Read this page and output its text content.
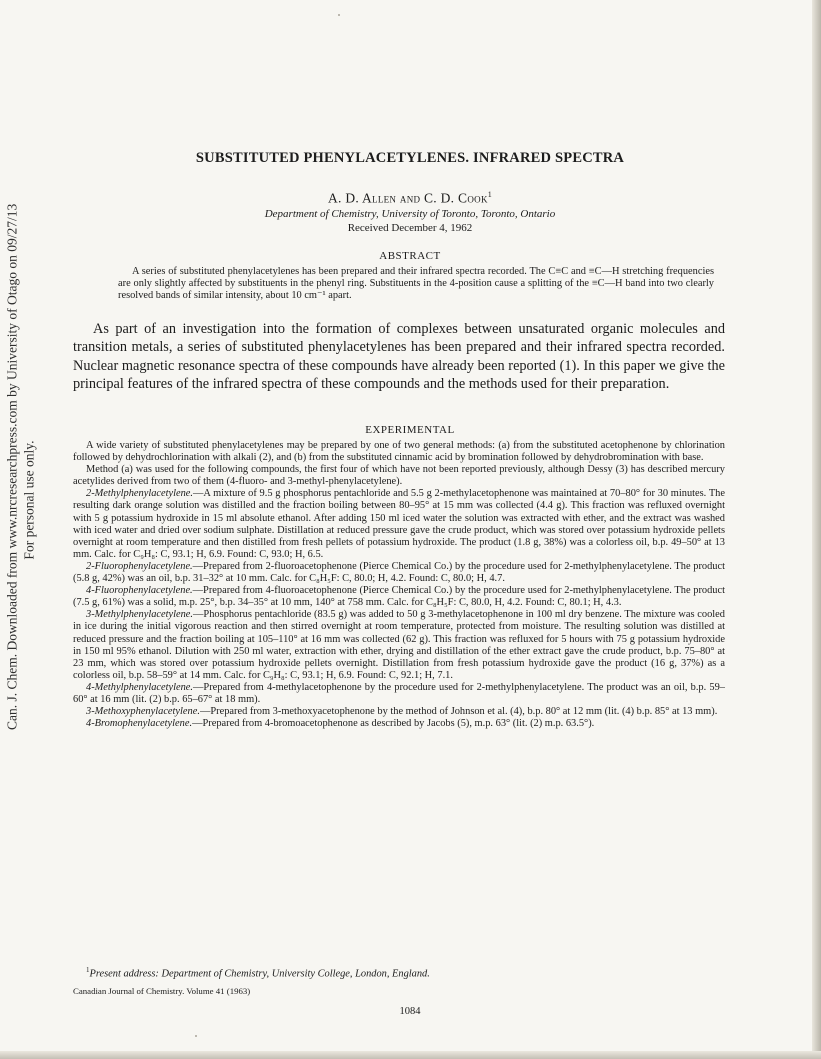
Can. J. Chem. Downloaded from www.nrcresearchpress.com by University of Otago on 09/27/13 For personal use only.
SUBSTITUTED PHENYLACETYLENES. INFRARED SPECTRA
A. D. Allen and C. D. Cook$^1$
Department of Chemistry, University of Toronto, Toronto, Ontario
Received December 4, 1962
ABSTRACT
A series of substituted phenylacetylenes has been prepared and their infrared spectra recorded. The C≡C and ≡C—H stretching frequencies are only slightly affected by substituents in the phenyl ring. Substituents in the 4-position cause a splitting of the ≡C—H band into two clearly resolved bands of similar intensity, about 10 cm⁻¹ apart.

As part of an investigation into the formation of complexes between unsaturated organic molecules and transition metals, a series of substituted phenylacetylenes has been prepared and their infrared spectra recorded. Nuclear magnetic resonance spectra of these compounds have already been reported (1). In this paper we give the principal features of the infrared spectra of these compounds and the methods used for their preparation.

EXPERIMENTAL

A wide variety of substituted phenylacetylenes may be prepared by one of two general methods: (a) from the substituted acetophenone by chlorination followed by dehydrochlorination with alkali (2), and (b) from the substituted cinnamic acid by bromination followed by dehydrobromination with base.

Method (a) was used for the following compounds, the first four of which have not been reported previously, although Dessy (3) has described mercury acetylides derived from two of them (4-fluoro- and 3-methyl-phenylacetylene).

2-Methylphenylacetylene.—A mixture of 9.5 g phosphorus pentachloride and 5.5 g 2-methylacetophenone was maintained at 70–80° for 30 minutes. The resulting dark orange solution was distilled and the fraction boiling between 80–95° at 15 mm was collected (4.4 g). This fraction was refluxed overnight with 5 g potassium hydroxide in 15 ml absolute ethanol. After adding 150 ml iced water the solution was extracted with ether, and the extract was washed with iced water and dried over sodium sulphate. Distillation at reduced pressure gave the crude product, which was stored over potassium hydroxide pellets overnight at room temperature and then distilled from fresh pellets of potassium hydroxide. The product (1.8 g, 38%) was a colorless oil, b.p. 49–50° at 13 mm. Calc. for C₉H₈: C, 93.1; H, 6.9. Found: C, 93.0; H, 6.5.

2-Fluorophenylacetylene.—Prepared from 2-fluoroacetophenone (Pierce Chemical Co.) by the procedure used for 2-methylphenylacetylene. The product (5.8 g, 42%) was an oil, b.p. 31–32° at 10 mm. Calc. for C₈H₅F: C, 80.0; H, 4.2. Found: C, 80.0; H, 4.7.

4-Fluorophenylacetylene.—Prepared from 4-fluoroacetophenone (Pierce Chemical Co.) by the procedure used for 2-methylphenylacetylene. The product (7.5 g, 61%) was a solid, m.p. 25°, b.p. 34–35° at 10 mm, 140° at 758 mm. Calc. for C₈H₅F: C, 80.0, H, 4.2. Found: C, 80.1; H, 4.3.

3-Methylphenylacetylene.—Phosphorus pentachloride (83.5 g) was added to 50 g 3-methylacetophenone in 100 ml dry benzene. The mixture was cooled in ice during the initial vigorous reaction and then stirred overnight at room temperature, protected from moisture. The resulting solution was distilled at reduced pressure and the fraction boiling at 105–110° at 16 mm was collected (62 g). This fraction was refluxed for 5 hours with 75 g potassium hydroxide in 150 ml 95% ethanol. Dilution with 250 ml water, extraction with ether, drying and distillation of the ether extract gave the crude product, b.p. 75–80° at 23 mm, which was stored over potassium hydroxide pellets overnight. Distillation from fresh potassium hydroxide gave the product (16 g, 37%) as a colorless oil, b.p. 58–59° at 14 mm. Calc. for C₉H₈: C, 93.1; H, 6.9. Found: C, 92.1; H, 7.1.

4-Methylphenylacetylene.—Prepared from 4-methylacetophenone by the procedure used for 2-methylphenylacetylene. The product was an oil, b.p. 59–60° at 16 mm (lit. (2) b.p. 65–67° at 18 mm).

3-Methoxyphenylacetylene.—Prepared from 3-methoxyacetophenone by the method of Johnson et al. (4), b.p. 80° at 12 mm (lit. (4) b.p. 85° at 13 mm).

4-Bromophenylacetylene.—Prepared from 4-bromoacetophenone as described by Jacobs (5), m.p. 63° (lit. (2) m.p. 63.5°).

$^1$Present address: Department of Chemistry, University College, London, England.
Canadian Journal of Chemistry. Volume 41 (1963)
1084
